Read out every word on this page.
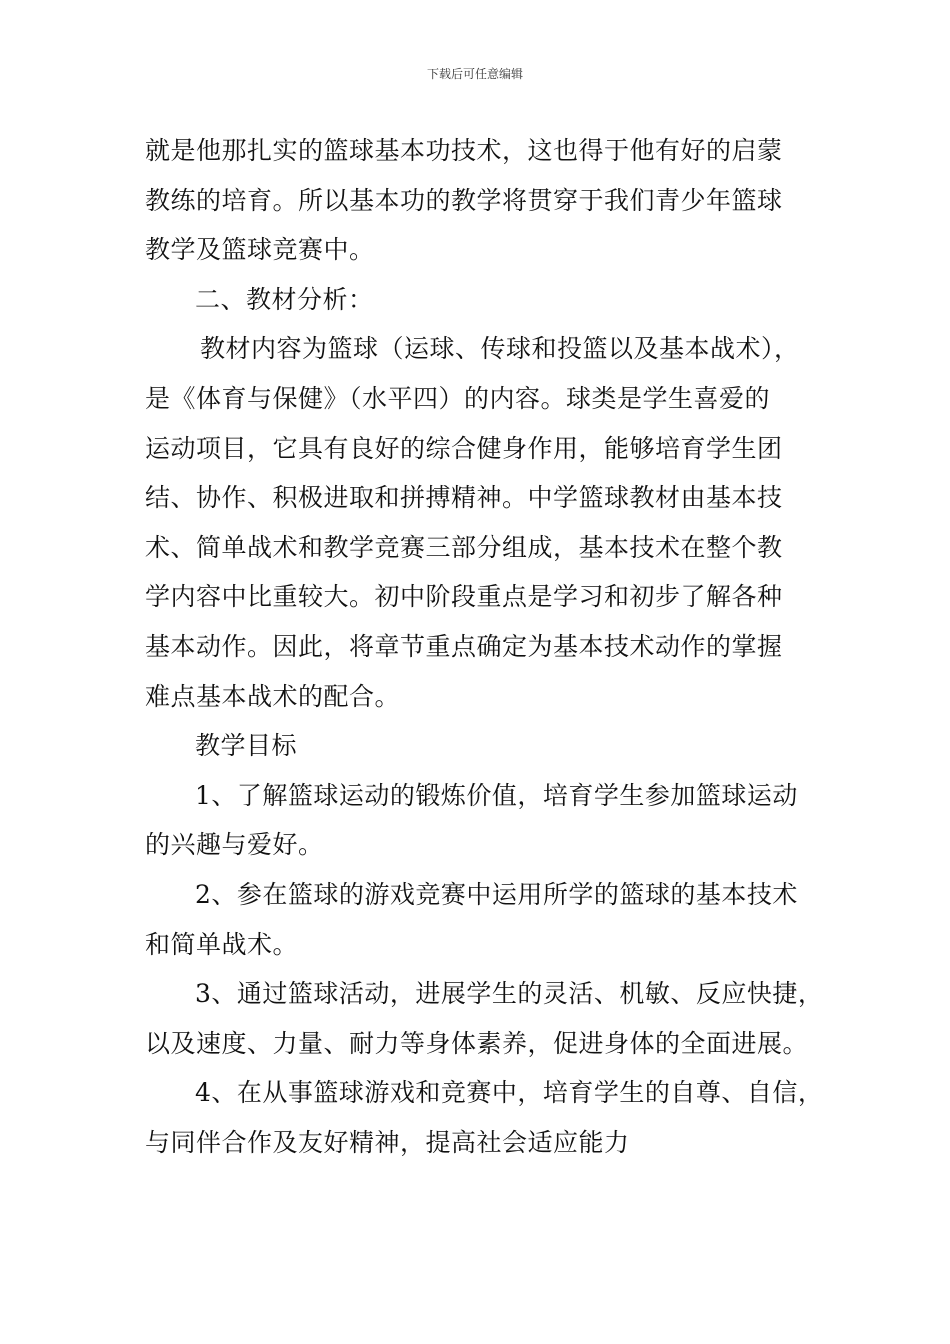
下载后可任意编辑
就是他那扎实的篮球基本功技术，这也得于他有好的启蒙
教练的培育。所以基本功的教学将贯穿于我们青少年篮球
教学及篮球竞赛中。
二、教材分析：
教材内容为篮球（运球、传球和投篮以及基本战术），
是《体育与保健》（水平四）的内容。球类是学生喜爱的
运动项目，它具有良好的综合健身作用，能够培育学生团
结、协作、积极进取和拼搏精神。中学篮球教材由基本技
术、简单战术和教学竞赛三部分组成，基本技术在整个教
学内容中比重较大。初中阶段重点是学习和初步了解各种
基本动作。因此，将章节重点确定为基本技术动作的掌握
难点基本战术的配合。
教学目标
1、了解篮球运动的锻炼价值，培育学生参加篮球运动
的兴趣与爱好。
2、参在篮球的游戏竞赛中运用所学的篮球的基本技术
和简单战术。
3、通过篮球活动，进展学生的灵活、机敏、反应快捷，
以及速度、力量、耐力等身体素养，促进身体的全面进展。
4、在从事篮球游戏和竞赛中，培育学生的自尊、自信，
与同伴合作及友好精神，提高社会适应能力
